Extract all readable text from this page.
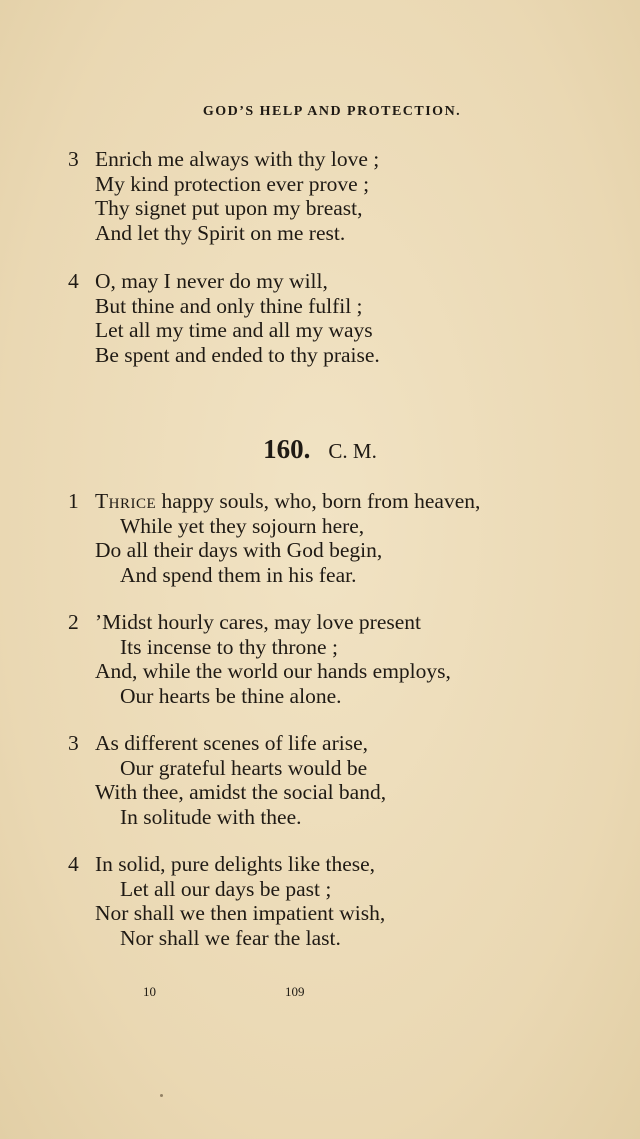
GOD’S HELP AND PROTECTION.
3 Enrich me always with thy love ;
My kind protection ever prove ;
Thy signet put upon my breast,
And let thy Spirit on me rest.
4 O, may I never do my will,
But thine and only thine fulfil ;
Let all my time and all my ways
Be spent and ended to thy praise.
160. C. M.
1 Thrice happy souls, who, born from heaven,
While yet they sojourn here,
Do all their days with God begin,
And spend them in his fear.
2 ’Midst hourly cares, may love present
Its incense to thy throne ;
And, while the world our hands employs,
Our hearts be thine alone.
3 As different scenes of life arise,
Our grateful hearts would be
With thee, amidst the social band,
In solitude with thee.
4 In solid, pure delights like these,
Let all our days be past ;
Nor shall we then impatient wish,
Nor shall we fear the last.
10	109
